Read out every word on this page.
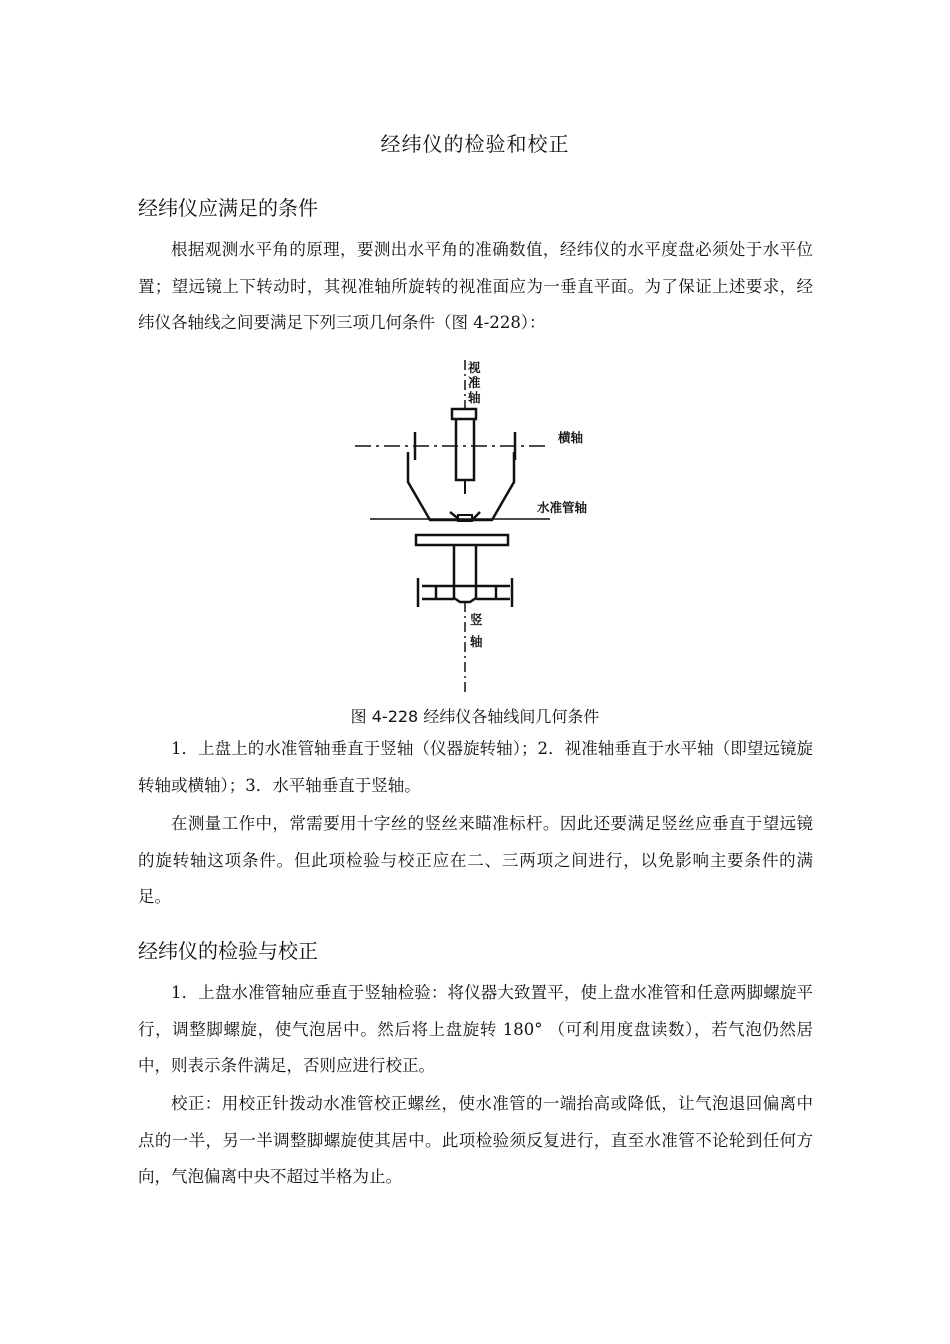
经纬仪的检验和校正
经纬仪应满足的条件

根据观测水平角的原理，要测出水平角的准确数值，经纬仪的水平度盘必须处于水平位置；望远镜上下转动时，其视准轴所旋转的视准面应为一垂直平面。为了保证上述要求，经纬仪各轴线之间要满足下列三项几何条件（图 4-228）：

视
准
轴
横轴
水准管轴
竖
轴
图 4-228 经纬仪各轴线间几何条件

1．上盘上的水准管轴垂直于竖轴（仪器旋转轴）；2．视准轴垂直于水平轴（即望远镜旋转轴或横轴）；3．水平轴垂直于竖轴。

在测量工作中，常需要用十字丝的竖丝来瞄准标杆。因此还要满足竖丝应垂直于望远镜的旋转轴这项条件。但此项检验与校正应在二、三两项之间进行，以免影响主要条件的满足。

经纬仪的检验与校正

1．上盘水准管轴应垂直于竖轴检验：将仪器大致置平，使上盘水准管和任意两脚螺旋平行，调整脚螺旋，使气泡居中。然后将上盘旋转 180° （可利用度盘读数），若气泡仍然居中，则表示条件满足，否则应进行校正。

校正：用校正针拨动水准管校正螺丝，使水准管的一端抬高或降低，让气泡退回偏离中点的一半，另一半调整脚螺旋使其居中。此项检验须反复进行，直至水准管不论轮到任何方向，气泡偏离中央不超过半格为止。
